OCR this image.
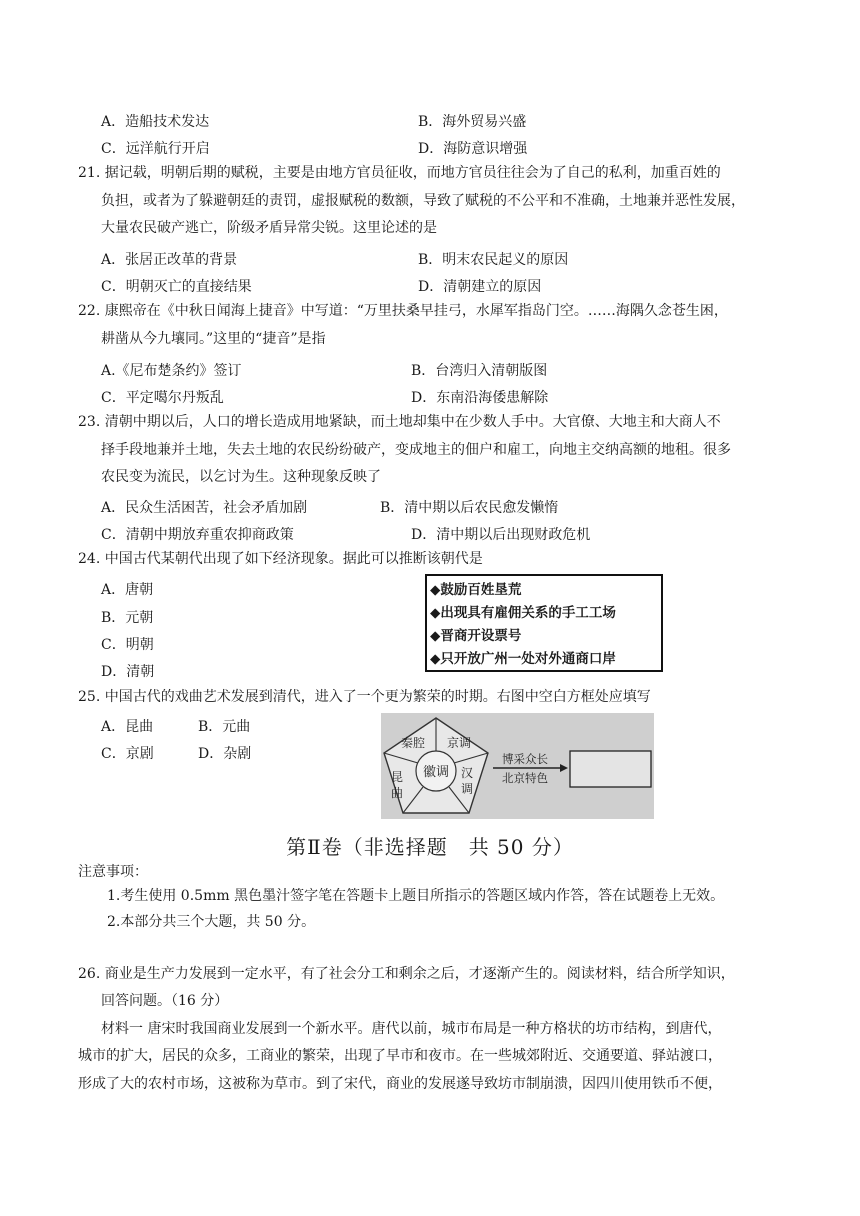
A．造船技术发达	B．海外贸易兴盛
C．远洋航行开启	D．海防意识增强
21. 据记载，明朝后期的赋税，主要是由地方官员征收，而地方官员往往会为了自己的私利，加重百姓的
负担，或者为了躲避朝廷的责罚，虚报赋税的数额，导致了赋税的不公平和不准确，土地兼并恶性发展，
大量农民破产逃亡，阶级矛盾异常尖锐。这里论述的是
A．张居正改革的背景	B．明末农民起义的原因
C．明朝灭亡的直接结果	D．清朝建立的原因
22. 康熙帝在《中秋日闻海上捷音》中写道：“万里扶桑早挂弓，水犀军指岛门空。……海隅久念苍生困，
耕凿从今九壤同。”这里的“捷音”是指
A.《尼布楚条约》签订	B．台湾归入清朝版图
C．平定噶尔丹叛乱	D．东南沿海倭患解除
23. 清朝中期以后，人口的增长造成用地紧缺，而土地却集中在少数人手中。大官僚、大地主和大商人不
择手段地兼并土地，失去土地的农民纷纷破产，变成地主的佃户和雇工，向地主交纳高额的地租。很多
农民变为流民，以乞讨为生。这种现象反映了
A．民众生活困苦，社会矛盾加剧	B．清中期以后农民愈发懒惰
C．清朝中期放弃重农抑商政策	D．清中期以后出现财政危机
24. 中国古代某朝代出现了如下经济现象。据此可以推断该朝代是
A．唐朝
B．元朝
C．明朝
D．清朝
◆鼓励百姓垦荒
◆出现具有雇佣关系的手工工场
◆晋商开设票号
◆只开放广州一处对外通商口岸
25. 中国古代的戏曲艺术发展到清代，进入了一个更为繁荣的时期。右图中空白方框处应填写
A．昆曲	B．元曲
C．京剧	D．杂剧
徽调
秦腔 京调
昆
曲
汉
调
博采众长
北京特色
第Ⅱ卷（非选择题　共 50 分）
注意事项：
1.考生使用 0.5mm 黑色墨汁签字笔在答题卡上题目所指示的答题区域内作答，答在试题卷上无效。
2.本部分共三个大题，共 50 分。
26. 商业是生产力发展到一定水平，有了社会分工和剩余之后，才逐渐产生的。阅读材料，结合所学知识，
回答问题。（16 分）
材料一 唐宋时我国商业发展到一个新水平。唐代以前，城市布局是一种方格状的坊市结构，到唐代，
城市的扩大，居民的众多，工商业的繁荣，出现了早市和夜市。在一些城郊附近、交通要道、驿站渡口，
形成了大的农村市场，这被称为草市。到了宋代，商业的发展遂导致坊市制崩溃，因四川使用铁币不便，
